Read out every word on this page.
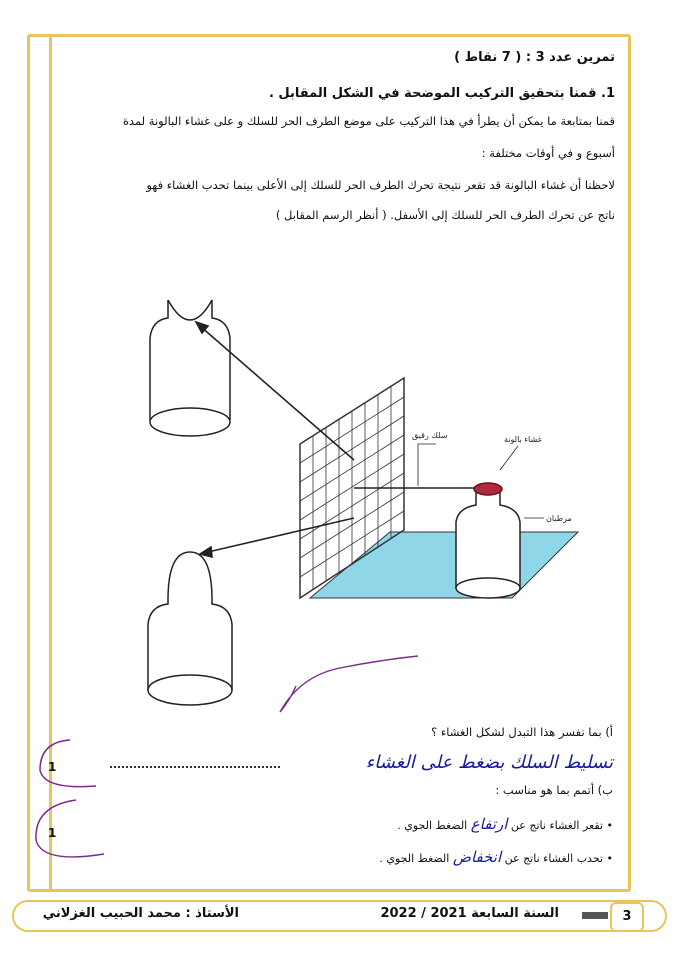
تمرين عدد 3 : ( 7 نقاط )
1. قمنا بتحقيق التركيب الموضحة في الشكل المقابل .
قمنا بمتابعة ما يمكن أن يطرأ في هذا التركيب على موضع الطرف الحر للسلك و على غشاء البالونة لمدة
أسبوع و في أوقات مختلفة :
لاحظنا أن غشاء البالونة قد تقعر نتيجة تحرك الطرف الحر للسلك إلى الأعلى بينما تحدب الغشاء فهو
ناتج عن تحرك الطرف الحر للسلك إلى الأسفل. ( أنظر الرسم المقابل )
غشاء بالونة
سلك رقيق
مرطبان
أ) بما نفسر هذا التبدل لشكل الغشاء ؟
تسليط السلك بضغط على الغشاء
1
ب) أتمم بما هو مناسب :
• تقعر الغشاء ناتج عن ارتفاع الضغط الجوي .
• تحدب الغشاء ناتج عن انخفاض الضغط الجوي .
1
3
السنة السابعة 2021 / 2022
الأستاذ : محمد الحبيب الغزلاني
